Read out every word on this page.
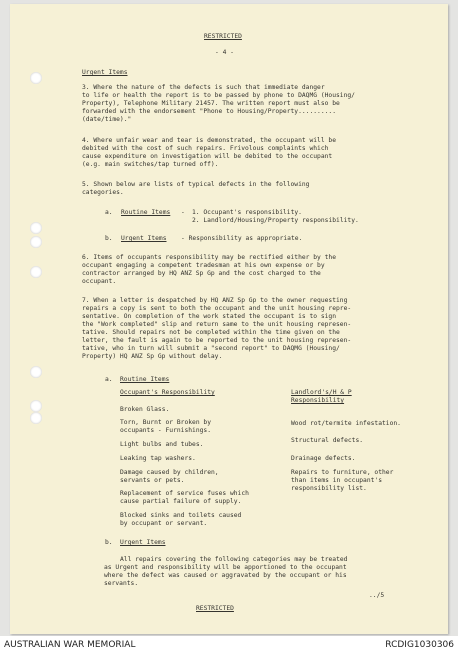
RESTRICTED
- 4 -
Urgent Items
3. Where the nature of the defects is such that immediate danger
to life or health the report is to be passed by phone to DAQMG (Housing/
Property), Telephone Military 21457. The written report must also be
forwarded with the endorsement "Phone to Housing/Property..........
(date/time)."
4. Where unfair wear and tear is demonstrated, the occupant will be
debited with the cost of such repairs. Frivolous complaints which
cause expenditure on investigation will be debited to the occupant
(e.g. main switches/tap turned off).
5. Shown below are lists of typical defects in the following
categories.
a. Routine Items - 1. Occupant's responsibility.
2. Landlord/Housing/Property responsibility.
b. Urgent Items - Responsibility as appropriate.
6. Items of occupants responsibility may be rectified either by the
occupant engaging a competent tradesman at his own expense or by
contractor arranged by HQ ANZ Sp Gp and the cost charged to the
occupant.
7. When a letter is despatched by HQ ANZ Sp Gp to the owner requesting
repairs a copy is sent to both the occupant and the unit housing repre-
sentative. On completion of the work stated the occupant is to sign
the "Work completed" slip and return same to the unit housing represen-
tative. Should repairs not be completed within the time given on the
letter, the fault is again to be reported to the unit housing represen-
tative, who in turn will submit a "second report" to DAQMG (Housing/
Property) HQ ANZ Sp Gp without delay.
a. Routine Items
Occupant's Responsibility	Landlord's/H & P
Responsibility
Broken Glass.
Torn, Burnt or Broken by
occupants - Furnishings.
Light bulbs and tubes.
Leaking tap washers.
Damage caused by children,
servants or pets.
Replacement of service fuses which
cause partial failure of supply.
Blocked sinks and toilets caused
by occupant or servant.
Wood rot/termite infestation.
Structural defects.
Drainage defects.
Repairs to furniture, other
than items in occupant's
responsibility list.
b. Urgent Items
All repairs covering the following categories may be treated
as Urgent and responsibility will be apportioned to the occupant
where the defect was caused or aggravated by the occupant or his
servants.
../5
RESTRICTED
AUSTRALIAN WAR MEMORIAL	RCDIG1030306
